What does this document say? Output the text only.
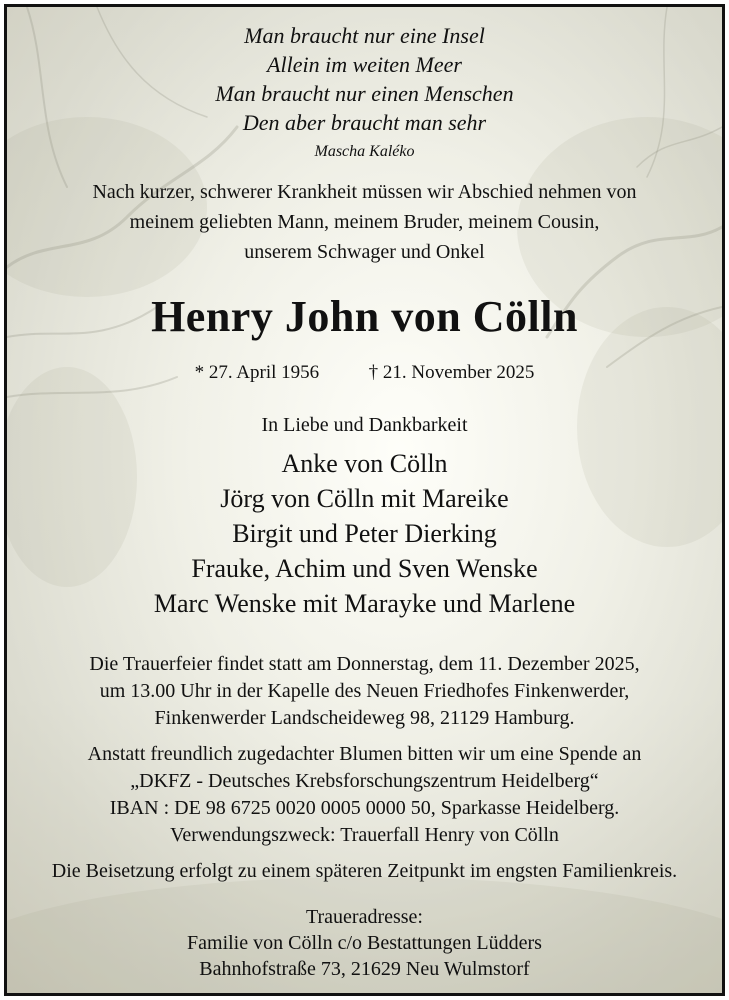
Man braucht nur eine Insel
Allein im weiten Meer
Man braucht nur einen Menschen
Den aber braucht man sehr
Mascha Kaléko
Nach kurzer, schwerer Krankheit müssen wir Abschied nehmen von
meinem geliebten Mann, meinem Bruder, meinem Cousin,
unserem Schwager und Onkel
Henry John von Cölln
* 27. April 1956	† 21. November 2025
In Liebe und Dankbarkeit
Anke von Cölln
Jörg von Cölln mit Mareike
Birgit und Peter Dierking
Frauke, Achim und Sven Wenske
Marc Wenske mit Marayke und Marlene
Die Trauerfeier findet statt am Donnerstag, dem 11. Dezember 2025,
um 13.00 Uhr in der Kapelle des Neuen Friedhofes Finkenwerder,
Finkenwerder Landscheideweg 98, 21129 Hamburg.
Anstatt freundlich zugedachter Blumen bitten wir um eine Spende an
„DKFZ - Deutsches Krebsforschungszentrum Heidelberg“
IBAN : DE 98 6725 0020 0005 0000 50, Sparkasse Heidelberg.
Verwendungszweck: Trauerfall Henry von Cölln
Die Beisetzung erfolgt zu einem späteren Zeitpunkt im engsten Familienkreis.
Traueradresse:
Familie von Cölln c/o Bestattungen Lüdders
Bahnhofstraße 73, 21629 Neu Wulmstorf
